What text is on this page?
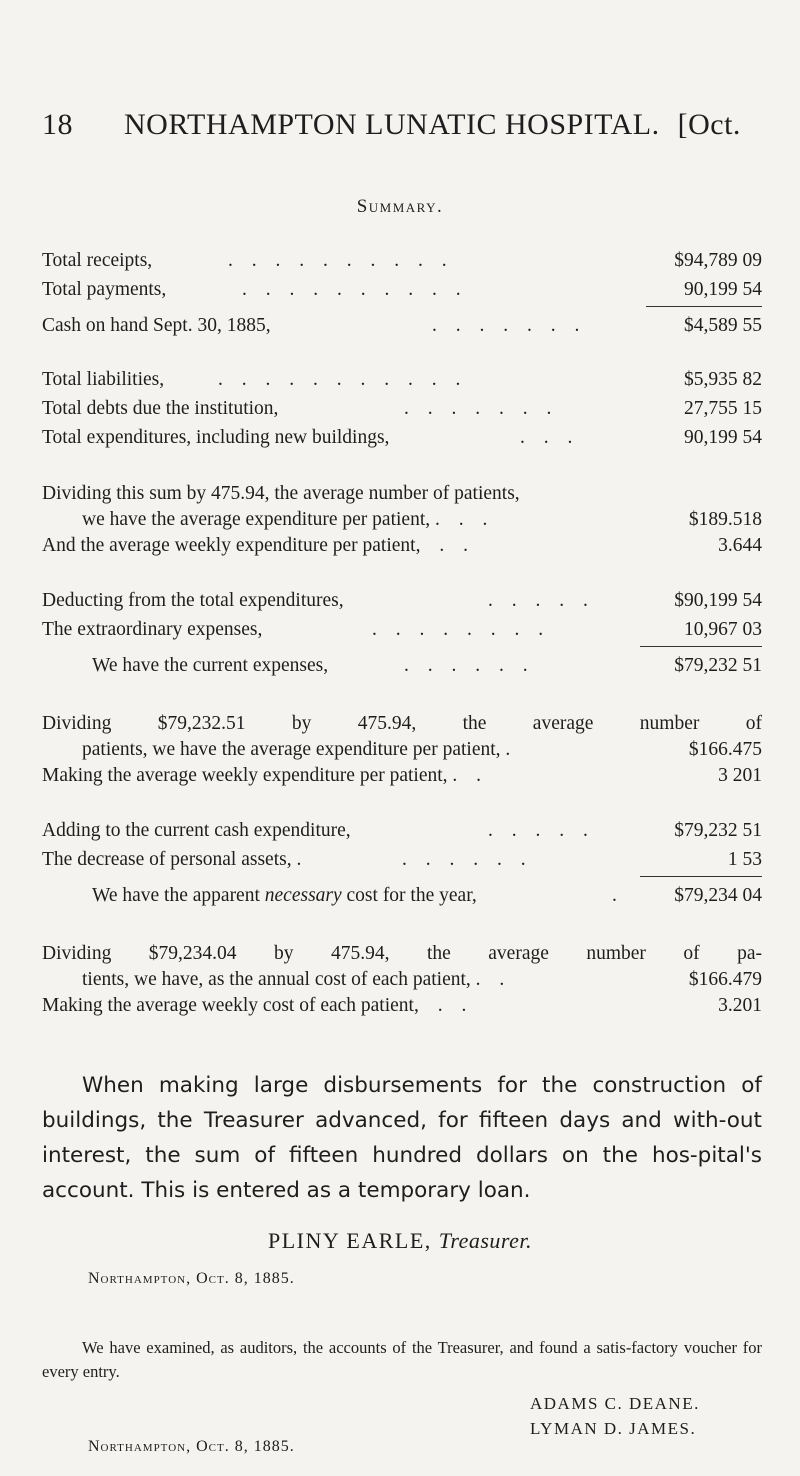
18 NORTHAMPTON LUNATIC HOSPITAL. [Oct.
Summary.
Total receipts,	. . . . . . . . . .	$94,789 09
Total payments,	. . . . . . . . . .	90,199 54
Cash on hand Sept. 30, 1885,	. . . . . . .	$4,589 55
Total liabilities,	. . . . . . . . . . .	$5,935 82
Total debts due the institution,	. . . . . . .	27,755 15
Total expenditures, including new buildings,	. . .	90,199 54
Dividing this sum by 475.94, the average number of patients,
we have the average expenditure per patient, . . .	$189.518
And the average weekly expenditure per patient, . .	3.644
Deducting from the total expenditures,	. . . . .	$90,199 54
The extraordinary expenses,	. . . . . . . .	10,967 03
We have the current expenses,	. . . . . .	$79,232 51
Dividing $79,232.51 by 475.94, the average number of
patients, we have the average expenditure per patient, .	$166.475
Making the average weekly expenditure per patient, . .	3 201
Adding to the current cash expenditure,	. . . . .	$79,232 51
The decrease of personal assets, .	. . . . . .	1 53
We have the apparent necessary cost for the year,	.	$79,234 04
Dividing $79,234.04 by 475.94, the average number of pa-
tients, we have, as the annual cost of each patient, . .	$166.479
Making the average weekly cost of each patient, . .	3.201
When making large disbursements for the construction of buildings, the Treasurer advanced, for fifteen days and with-out interest, the sum of fifteen hundred dollars on the hos-pital's account. This is entered as a temporary loan.
PLINY EARLE, Treasurer.
Northampton, Oct. 8, 1885.
We have examined, as auditors, the accounts of the Treasurer, and found a satis-factory voucher for every entry.
ADAMS C. DEANE.
LYMAN D. JAMES.
Northampton, Oct. 8, 1885.
